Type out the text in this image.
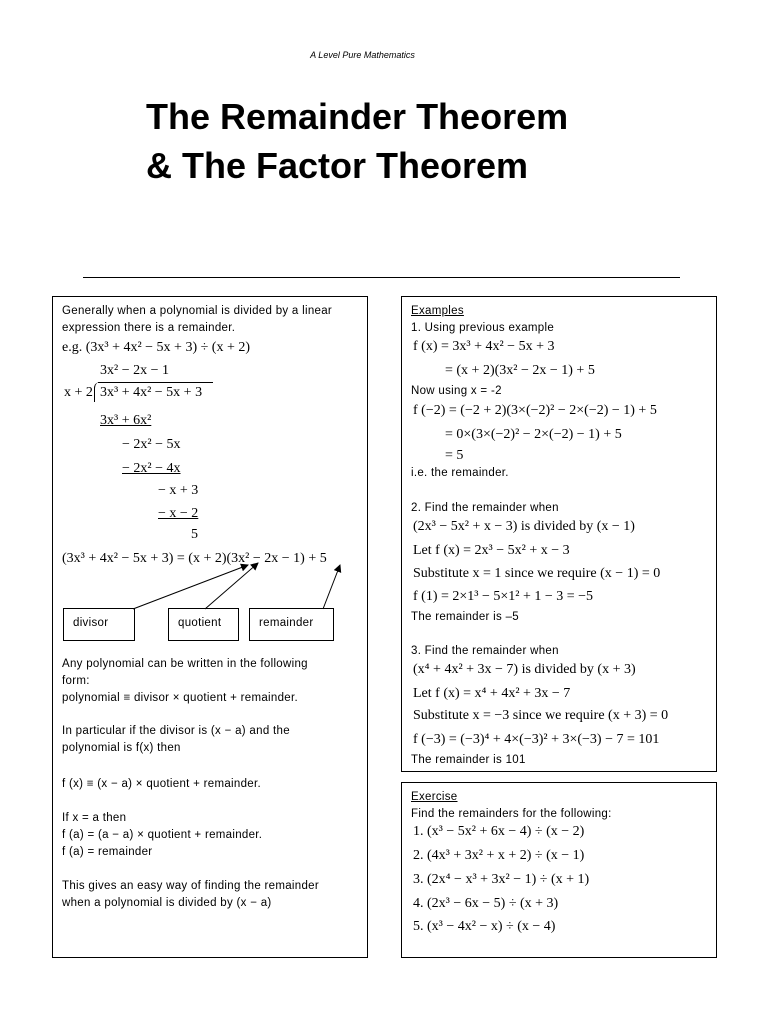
A Level Pure Mathematics
The Remainder Theorem
& The Factor Theorem
Generally when a polynomial is divided by a linear
expression there is a remainder.
e.g. (3x³ + 4x² − 5x + 3) ÷ (x + 2)
3x² − 2x − 1
x + 2 3x³ + 4x² − 5x + 3
3x³ + 6x²
− 2x² − 5x
− 2x² − 4x
− x + 3
− x − 2
5
(3x³ + 4x² − 5x + 3) = (x + 2)(3x² − 2x − 1) + 5
divisor	quotient	remainder
Any polynomial can be written in the following
form:
polynomial ≡ divisor × quotient + remainder.
In particular if the divisor is (x − a) and the
polynomial is f(x) then
f (x) ≡ (x − a) × quotient + remainder.
If x = a then
f (a) = (a − a) × quotient + remainder.
f (a) = remainder
This gives an easy way of finding the remainder
when a polynomial is divided by (x − a)
Examples
1. Using previous example
f (x) = 3x³ + 4x² − 5x + 3
= (x + 2)(3x² − 2x − 1) + 5
Now using x = -2
f (−2) = (−2 + 2)(3×(−2)² − 2×(−2) − 1) + 5
= 0×(3×(−2)² − 2×(−2) − 1) + 5
= 5
i.e. the remainder.
2. Find the remainder when
(2x³ − 5x² + x − 3) is divided by (x − 1)
Let f (x) = 2x³ − 5x² + x − 3
Substitute x = 1 since we require (x − 1) = 0
f (1) = 2×1³ − 5×1² + 1 − 3 = −5
The remainder is –5
3. Find the remainder when
(x⁴ + 4x² + 3x − 7) is divided by (x + 3)
Let f (x) = x⁴ + 4x² + 3x − 7
Substitute x = −3 since we require (x + 3) = 0
f (−3) = (−3)⁴ + 4×(−3)² + 3×(−3) − 7 = 101
The remainder is 101
Exercise
Find the remainders for the following:
1. (x³ − 5x² + 6x − 4) ÷ (x − 2)
2. (4x³ + 3x² + x + 2) ÷ (x − 1)
3. (2x⁴ − x³ + 3x² − 1) ÷ (x + 1)
4. (2x³ − 6x − 5) ÷ (x + 3)
5. (x³ − 4x² − x) ÷ (x − 4)
